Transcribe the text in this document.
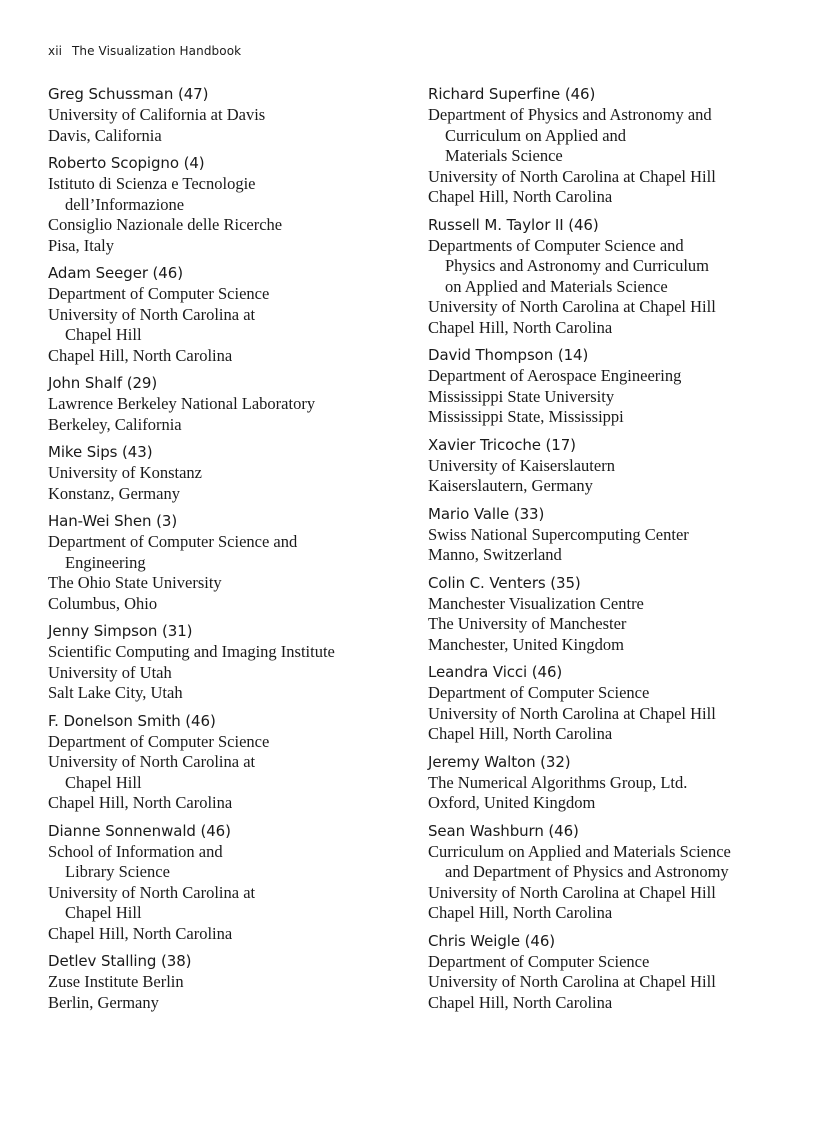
xii The Visualization Handbook
Greg Schussman (47)
University of California at Davis
Davis, California
Roberto Scopigno (4)
Istituto di Scienza e Tecnologie
dell’Informazione
Consiglio Nazionale delle Ricerche
Pisa, Italy
Adam Seeger (46)
Department of Computer Science
University of North Carolina at
Chapel Hill
Chapel Hill, North Carolina
John Shalf (29)
Lawrence Berkeley National Laboratory
Berkeley, California
Mike Sips (43)
University of Konstanz
Konstanz, Germany
Han-Wei Shen (3)
Department of Computer Science and
Engineering
The Ohio State University
Columbus, Ohio
Jenny Simpson (31)
Scientific Computing and Imaging Institute
University of Utah
Salt Lake City, Utah
F. Donelson Smith (46)
Department of Computer Science
University of North Carolina at
Chapel Hill
Chapel Hill, North Carolina
Dianne Sonnenwald (46)
School of Information and
Library Science
University of North Carolina at
Chapel Hill
Chapel Hill, North Carolina
Detlev Stalling (38)
Zuse Institute Berlin
Berlin, Germany
Richard Superfine (46)
Department of Physics and Astronomy and
Curriculum on Applied and
Materials Science
University of North Carolina at Chapel Hill
Chapel Hill, North Carolina
Russell M. Taylor II (46)
Departments of Computer Science and
Physics and Astronomy and Curriculum
on Applied and Materials Science
University of North Carolina at Chapel Hill
Chapel Hill, North Carolina
David Thompson (14)
Department of Aerospace Engineering
Mississippi State University
Mississippi State, Mississippi
Xavier Tricoche (17)
University of Kaiserslautern
Kaiserslautern, Germany
Mario Valle (33)
Swiss National Supercomputing Center
Manno, Switzerland
Colin C. Venters (35)
Manchester Visualization Centre
The University of Manchester
Manchester, United Kingdom
Leandra Vicci (46)
Department of Computer Science
University of North Carolina at Chapel Hill
Chapel Hill, North Carolina
Jeremy Walton (32)
The Numerical Algorithms Group, Ltd.
Oxford, United Kingdom
Sean Washburn (46)
Curriculum on Applied and Materials Science
and Department of Physics and Astronomy
University of North Carolina at Chapel Hill
Chapel Hill, North Carolina
Chris Weigle (46)
Department of Computer Science
University of North Carolina at Chapel Hill
Chapel Hill, North Carolina
